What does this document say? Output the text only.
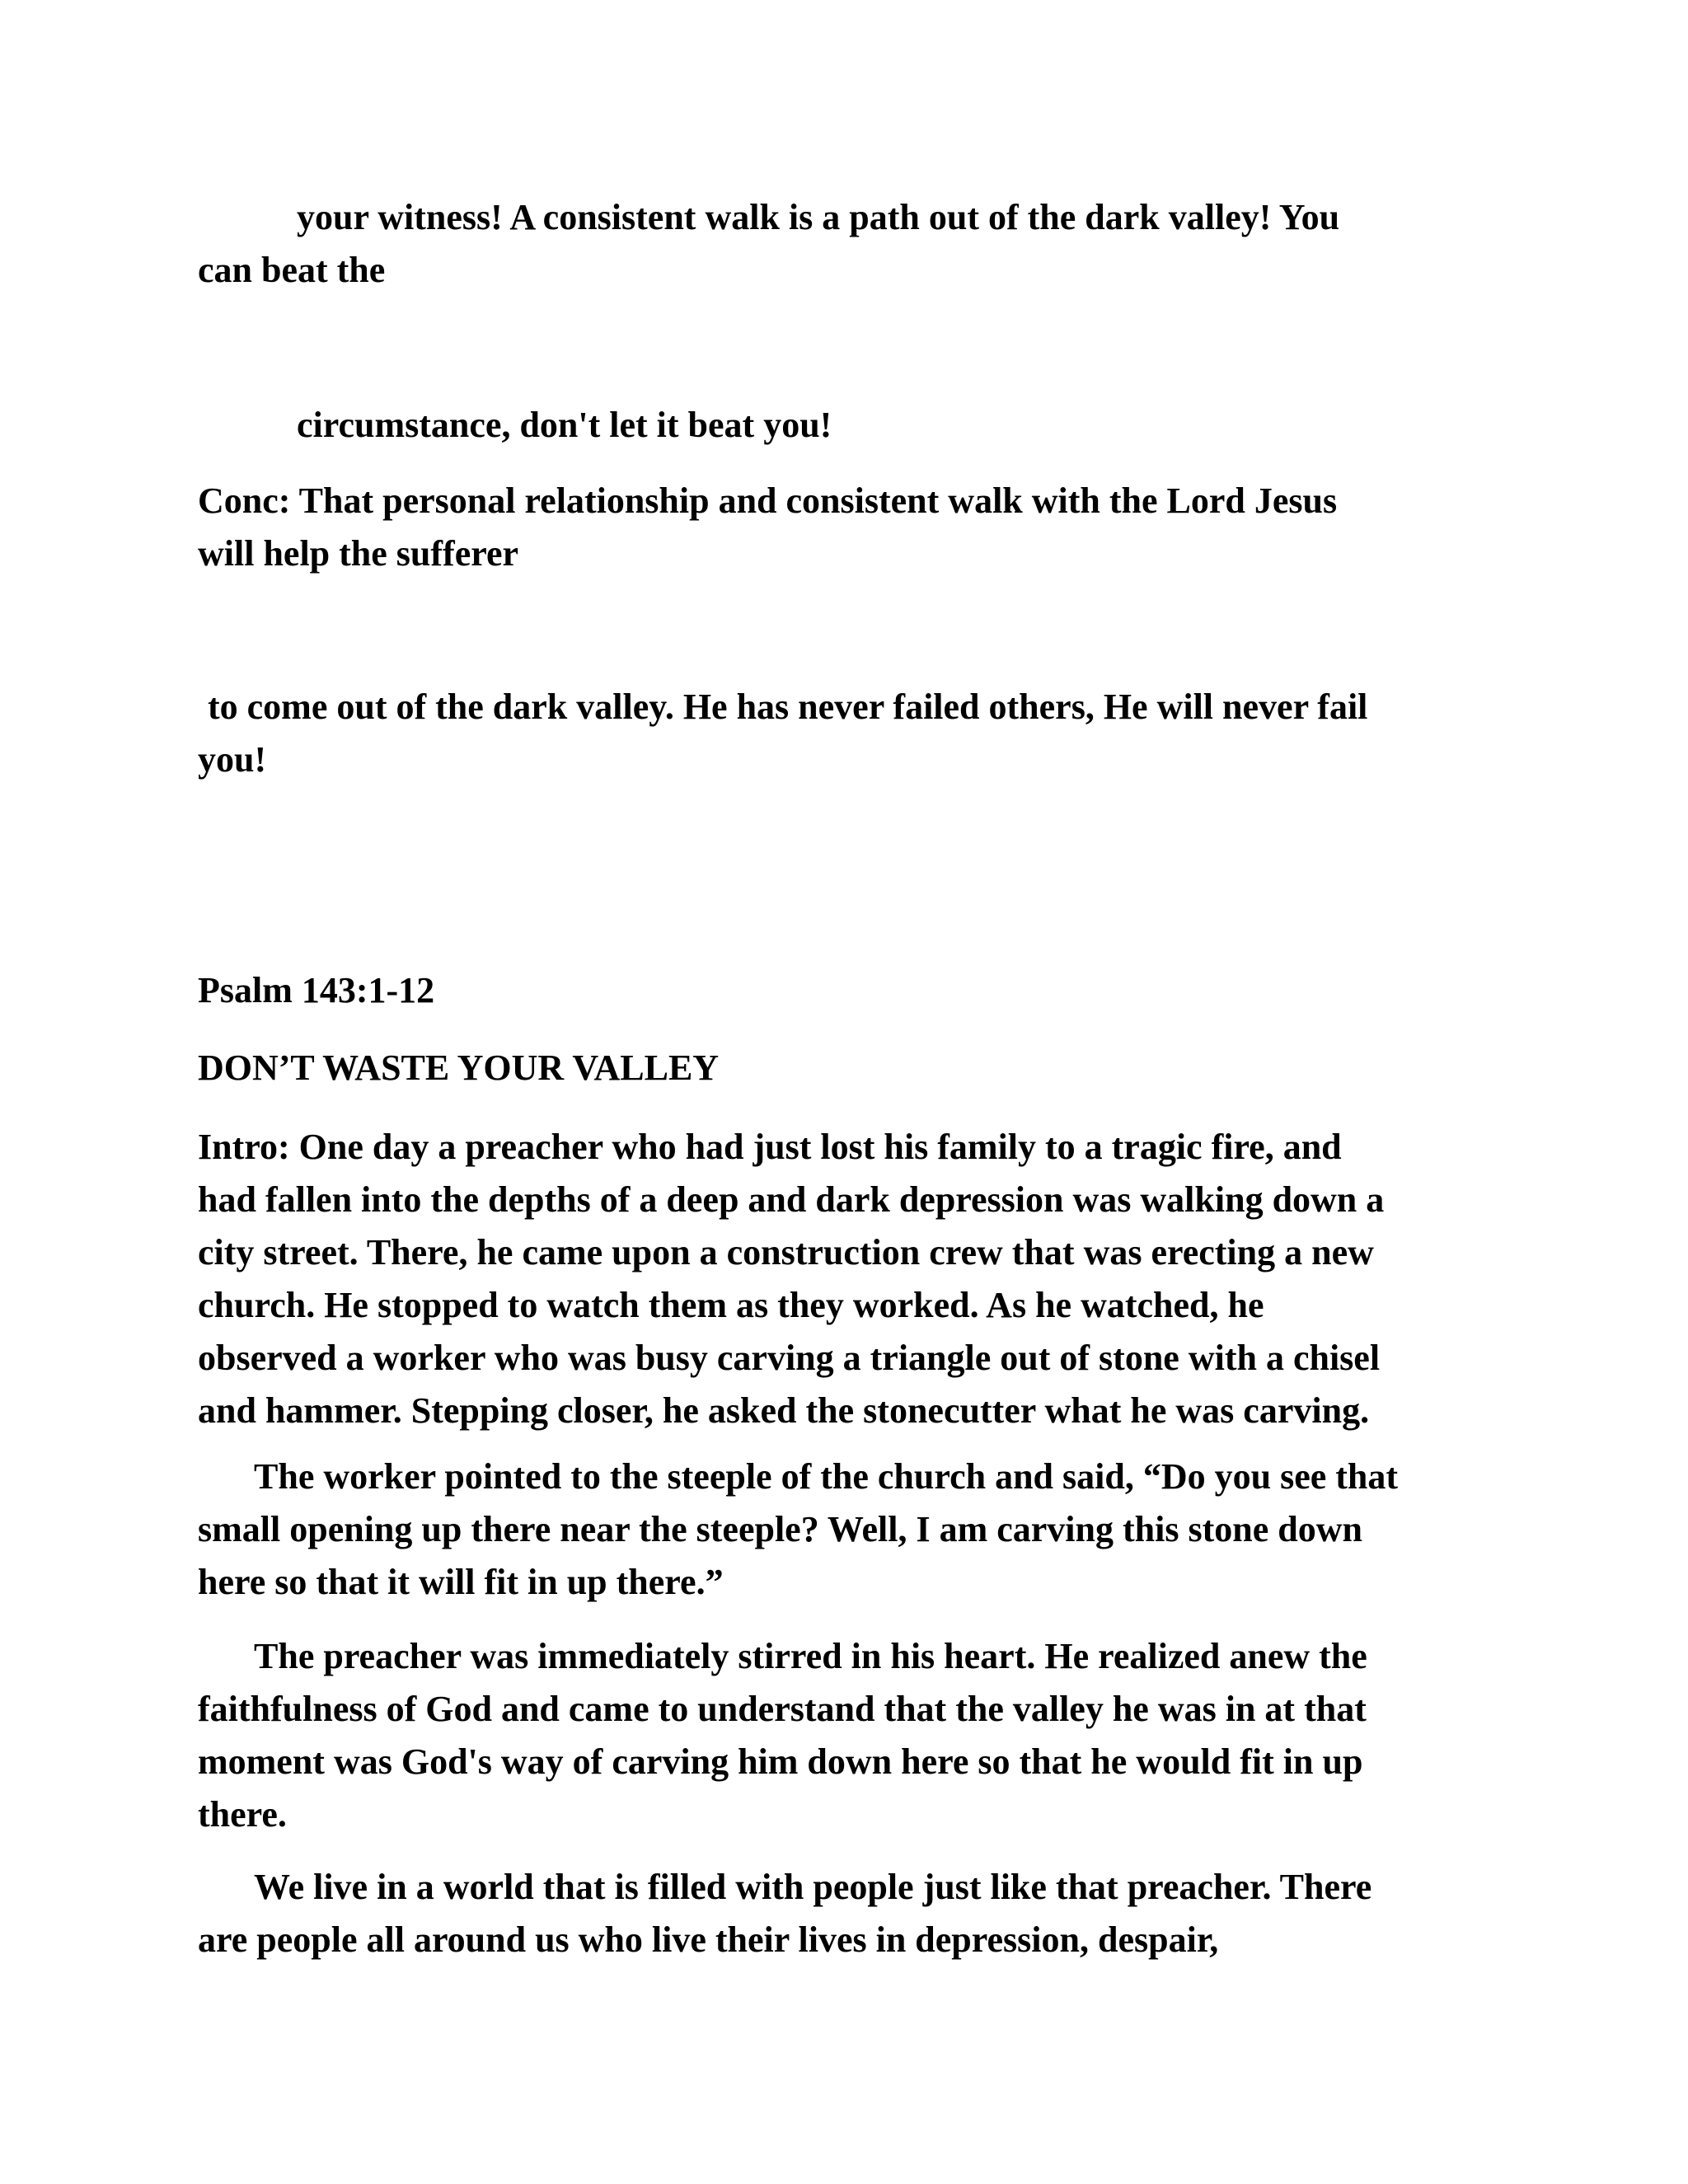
your witness! A consistent walk is a path out of the dark valley! You
can beat the
circumstance, don't let it beat you!
Conc: That personal relationship and consistent walk with the Lord Jesus
will help the sufferer
to come out of the dark valley. He has never failed others, He will never fail
you!
Psalm 143:1-12
DON’T WASTE YOUR VALLEY
Intro: One day a preacher who had just lost his family to a tragic fire, and
had fallen into the depths of a deep and dark depression was walking down a
city street. There, he came upon a construction crew that was erecting a new
church. He stopped to watch them as they worked. As he watched, he
observed a worker who was busy carving a triangle out of stone with a chisel
and hammer. Stepping closer, he asked the stonecutter what he was carving.
The worker pointed to the steeple of the church and said, “Do you see that
small opening up there near the steeple? Well, I am carving this stone down
here so that it will fit in up there.”
The preacher was immediately stirred in his heart. He realized anew the
faithfulness of God and came to understand that the valley he was in at that
moment was God's way of carving him down here so that he would fit in up
there.
We live in a world that is filled with people just like that preacher. There
are people all around us who live their lives in depression, despair,
